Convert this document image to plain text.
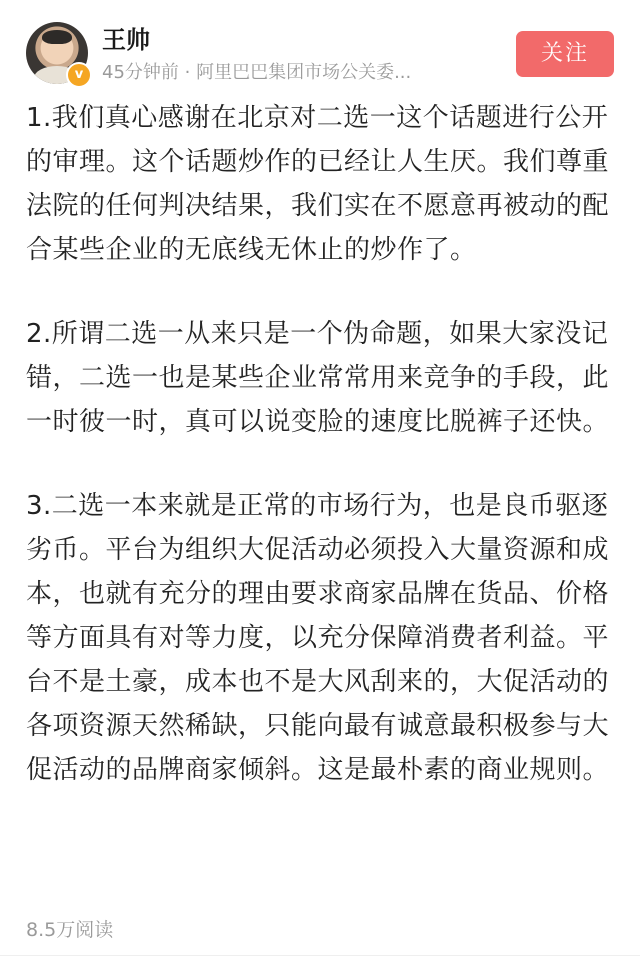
v
王帅
45分钟前 · 阿里巴巴集团市场公关委...
关注

1.我们真心感谢在北京对二选一这个话题进行公开的审理。这个话题炒作的已经让人生厌。我们尊重法院的任何判决结果，我们实在不愿意再被动的配合某些企业的无底线无休止的炒作了。

2.所谓二选一从来只是一个伪命题，如果大家没记错，二选一也是某些企业常常用来竞争的手段，此一时彼一时，真可以说变脸的速度比脱裤子还快。

3.二选一本来就是正常的市场行为，也是良币驱逐劣币。平台为组织大促活动必须投入大量资源和成本，也就有充分的理由要求商家品牌在货品、价格等方面具有对等力度，以充分保障消费者利益。平台不是土豪，成本也不是大风刮来的，大促活动的各项资源天然稀缺，只能向最有诚意最积极参与大促活动的品牌商家倾斜。这是最朴素的商业规则。

8.5万阅读
